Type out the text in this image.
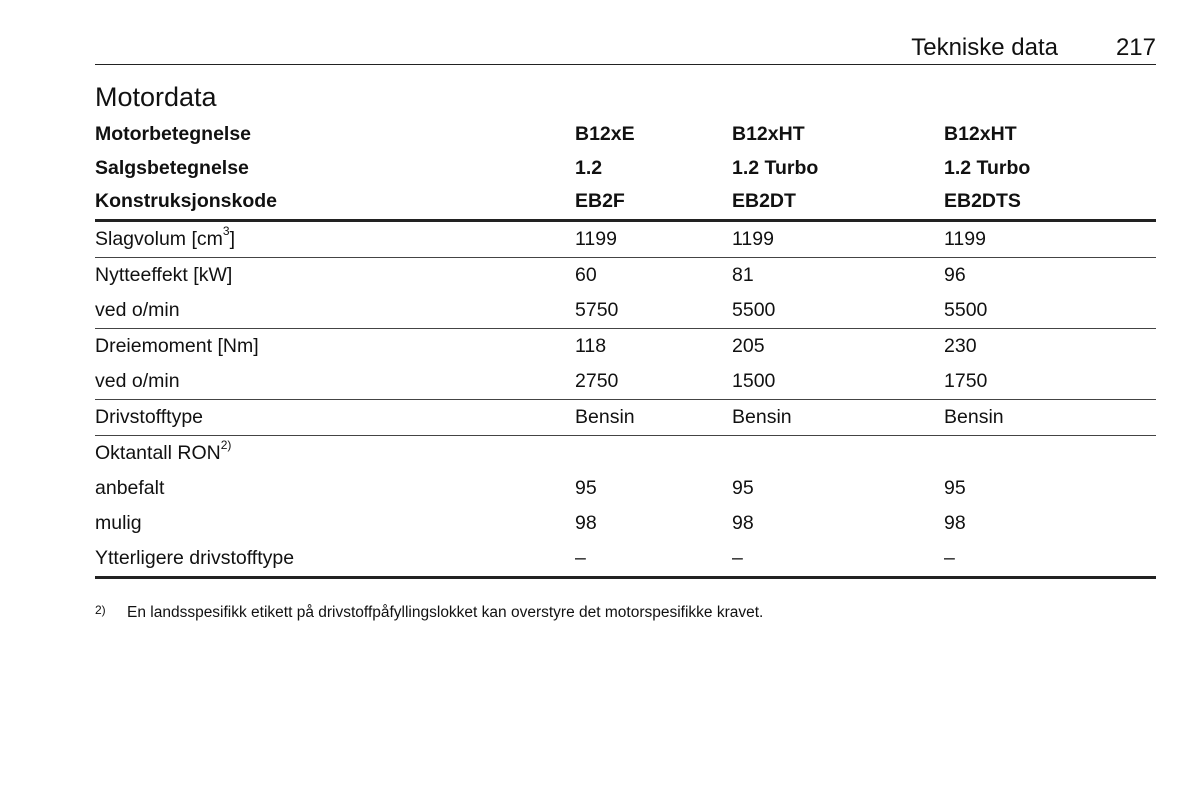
Tekniske data 217
Motordata
Motorbetegnelse	B12xE	B12xHT	B12xHT
Salgsbetegnelse	1.2	1.2 Turbo	1.2 Turbo
Konstruksjonskode	EB2F	EB2DT	EB2DTS
Slagvolum $[cm^3]$	1199	1199	1199
Nytteeffekt [kW]	60	81	96
ved o/min	5750	5500	5500
Dreiemoment [Nm]	118	205	230
ved o/min	2750	1500	1750
Drivstofftype	Bensin	Bensin	Bensin
Oktantall RON$^{2)}$			
anbefalt	95	95	95
mulig	98	98	98
Ytterligere drivstofftype	–	–	–
2) En landsspesifikk etikett på drivstoffpåfyllingslokket kan overstyre det motorspesifikke kravet.
